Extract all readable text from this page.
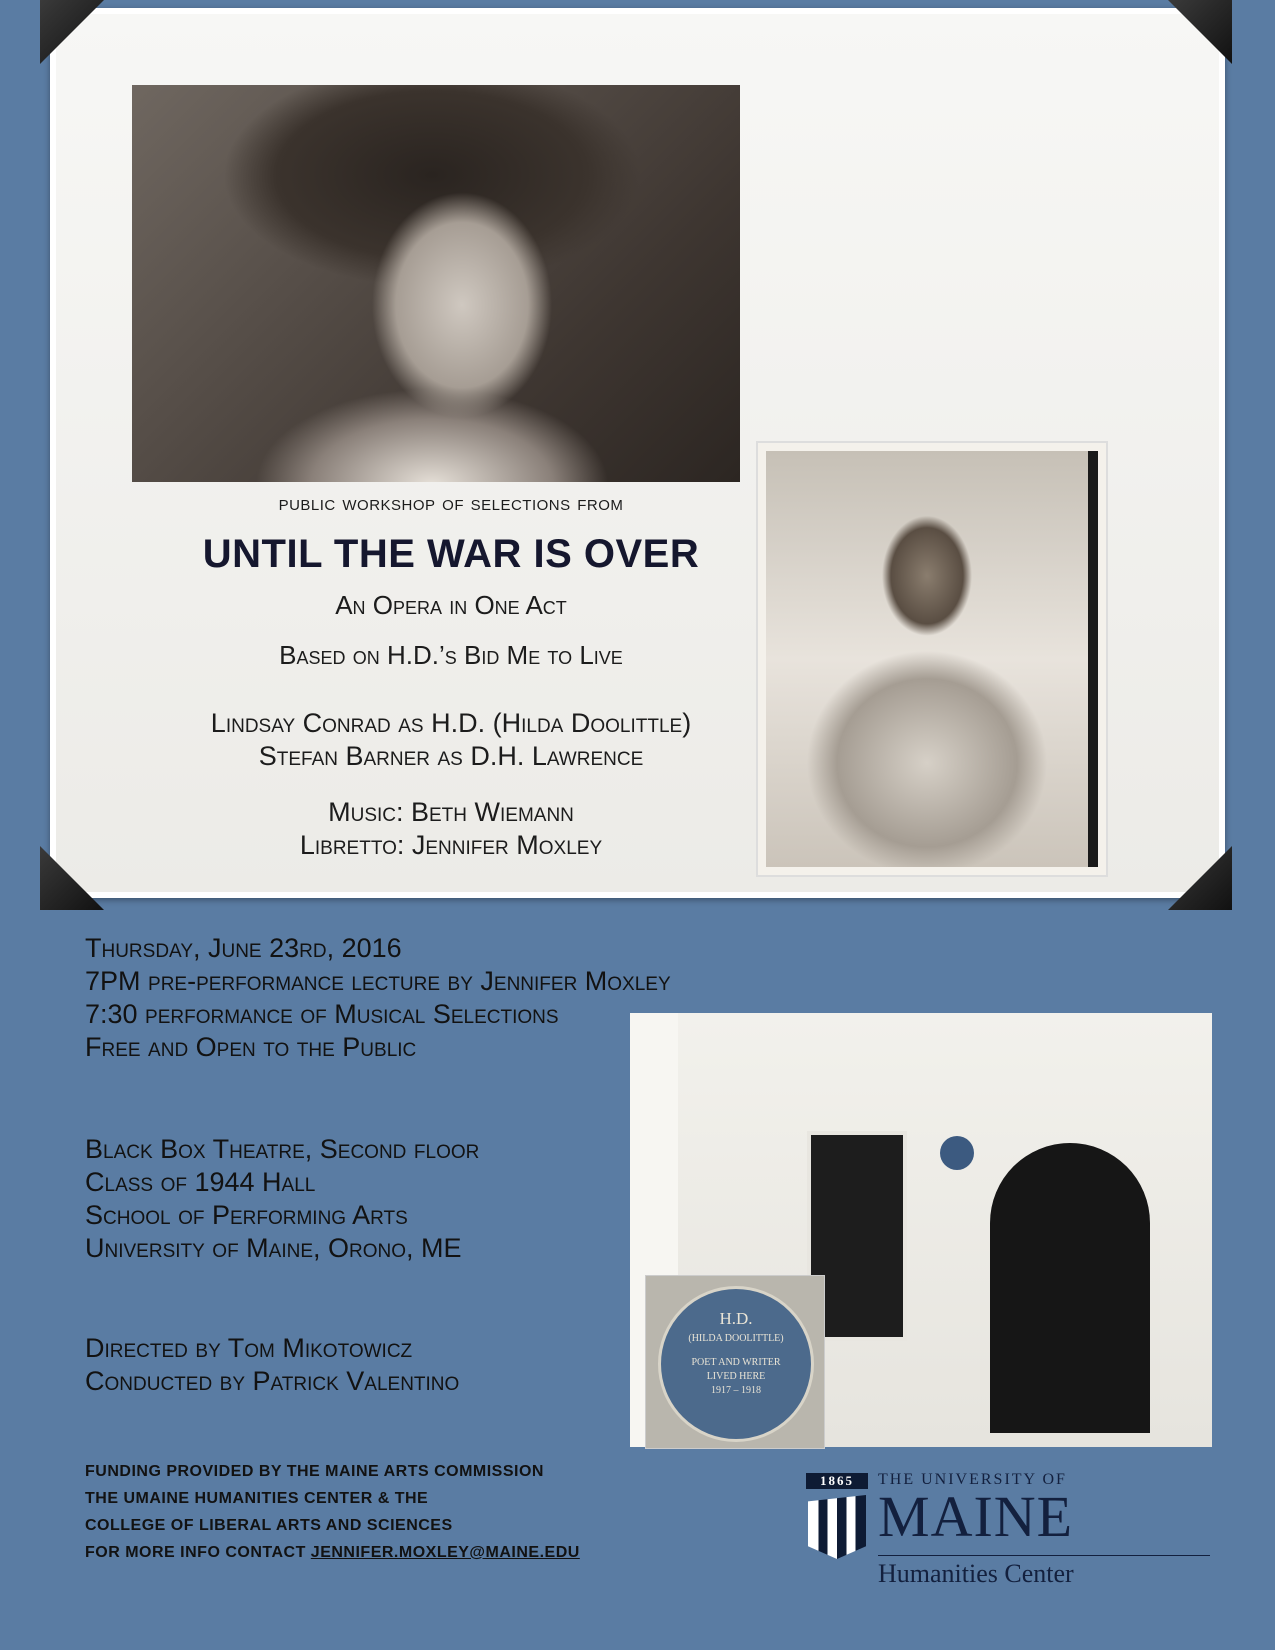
public workshop of selections from

UNTIL THE WAR IS OVER

An Opera in One Act

Based on H.D.’s Bid Me to Live

Lindsay Conrad as H.D. (Hilda Doolittle)

Stefan Barner as D.H. Lawrence

Music: Beth Wiemann

Libretto: Jennifer Moxley

Thursday, June 23rd, 2016
7PM pre-performance lecture by Jennifer Moxley
7:30 performance of Musical Selections
Free and Open to the Public
Black Box Theatre, Second floor
Class of 1944 Hall
School of Performing Arts
University of Maine, Orono, ME
Directed by Tom Mikotowicz
Conducted by Patrick Valentino
FUNDING PROVIDED BY THE MAINE ARTS COMMISSION
THE UMAINE HUMANITIES CENTER & THE
COLLEGE OF LIBERAL ARTS AND SCIENCES
FOR MORE INFO CONTACT JENNIFER.MOXLEY@MAINE.EDU
H.D.
(HILDA DOOLITTLE)
POET AND WRITER
LIVED HERE
1917 – 1918
1865	THE UNIVERSITY OF
MAINE
Humanities Center
